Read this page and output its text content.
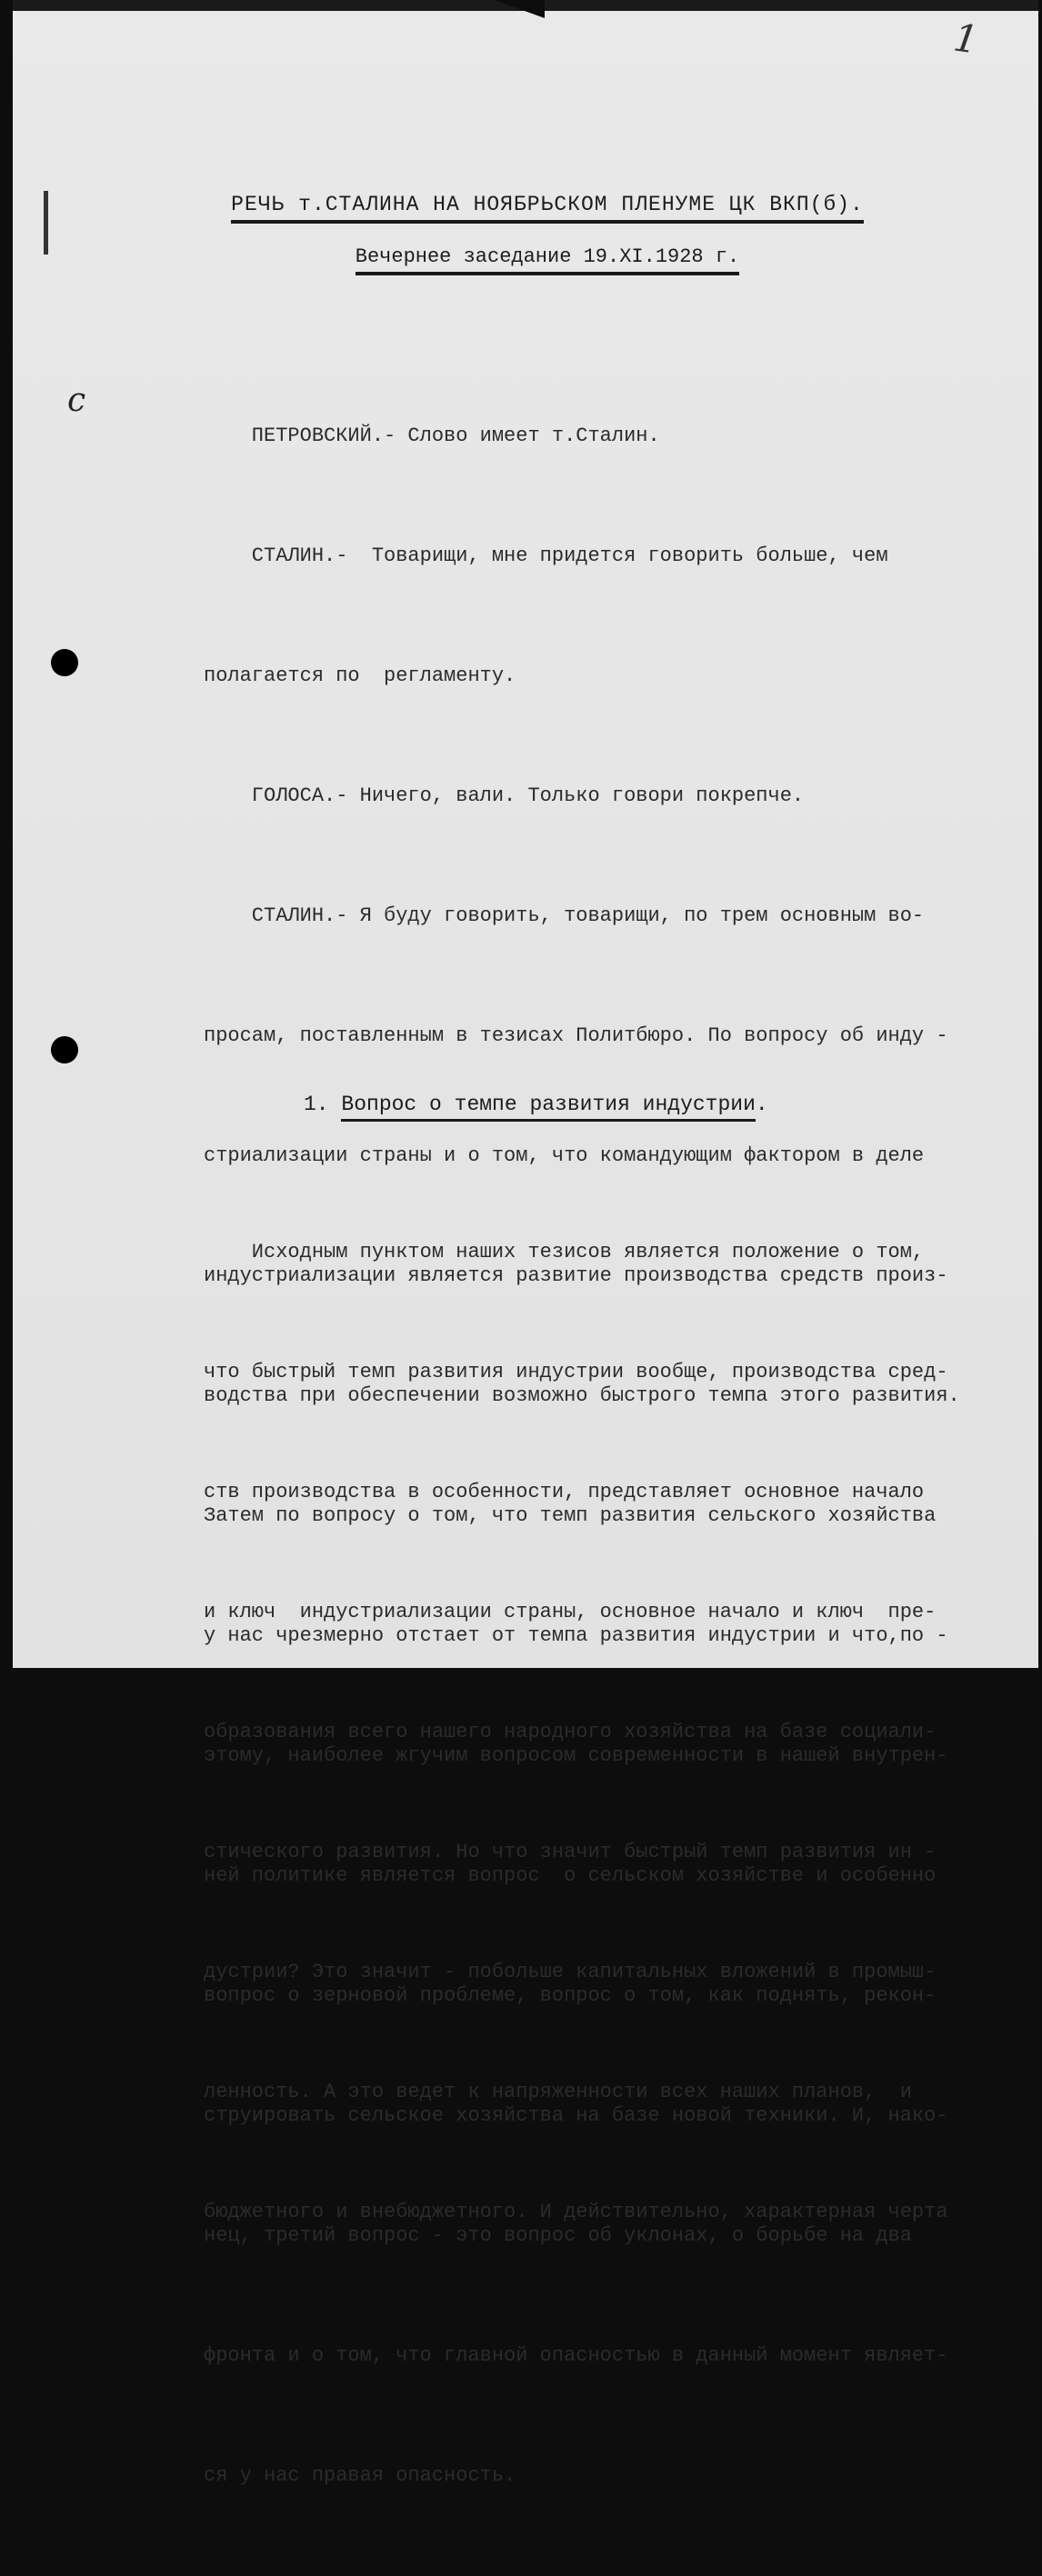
1
с
РЕЧЬ т.СТАЛИНА НА НОЯБРЬСКОМ ПЛЕНУМЕ ЦК ВКП(б).
Вечернее заседание 19.XI.1928 г.

ПЕТРОВСКИЙ.- Слово имеет т.Сталин.

СТАЛИН.-  Товарищи, мне придется говорить больше, чем

полагается по  регламенту.

ГОЛОСА.- Ничего, вали. Только говори покрепче.

СТАЛИН.- Я буду говорить, товарищи, по трем основным во-

просам, поставленным в тезисах Политбюро. По вопросу об инду -

стриализации страны и о том, что командующим фактором в деле

индустриализации является развитие производства средств произ-

водства при обеспечении возможно быстрого темпа этого развития.

Затем по вопросу о том, что темп развития сельского хозяйства

у нас чрезмерно отстает от темпа развития индустрии и что,по -

этому, наиболее жгучим вопросом современности в нашей внутрен-

ней политике является вопрос  о сельском хозяйстве и особенно

вопрос о зерновой проблеме, вопрос о том, как поднять, рекон-

струировать сельское хозяйства на базе новой техники. И, нако-

нец, третий вопрос - это вопрос об уклонах, о борьбе на два

фронта и о том, что главной опасностью в данный момент являет-

ся у нас правая опасность.

1. Вопрос о темпе развития индустрии.

Исходным пунктом наших тезисов является положение о том,

что быстрый темп развития индустрии вообще, производства сред-

ств производства в особенности, представляет основное начало

и ключ  индустриализации страны, основное начало и ключ  пре-

образования всего нашего народного хозяйства на базе социали-

стического развития. Но что значит быстрый темп развития ин -

дустрии? Это значит - побольше капитальных вложений в промыш-

ленность. А это ведет к напряженности всех наших планов,  и

бюджетного и внебюджетного. И действительно, характерная черта
